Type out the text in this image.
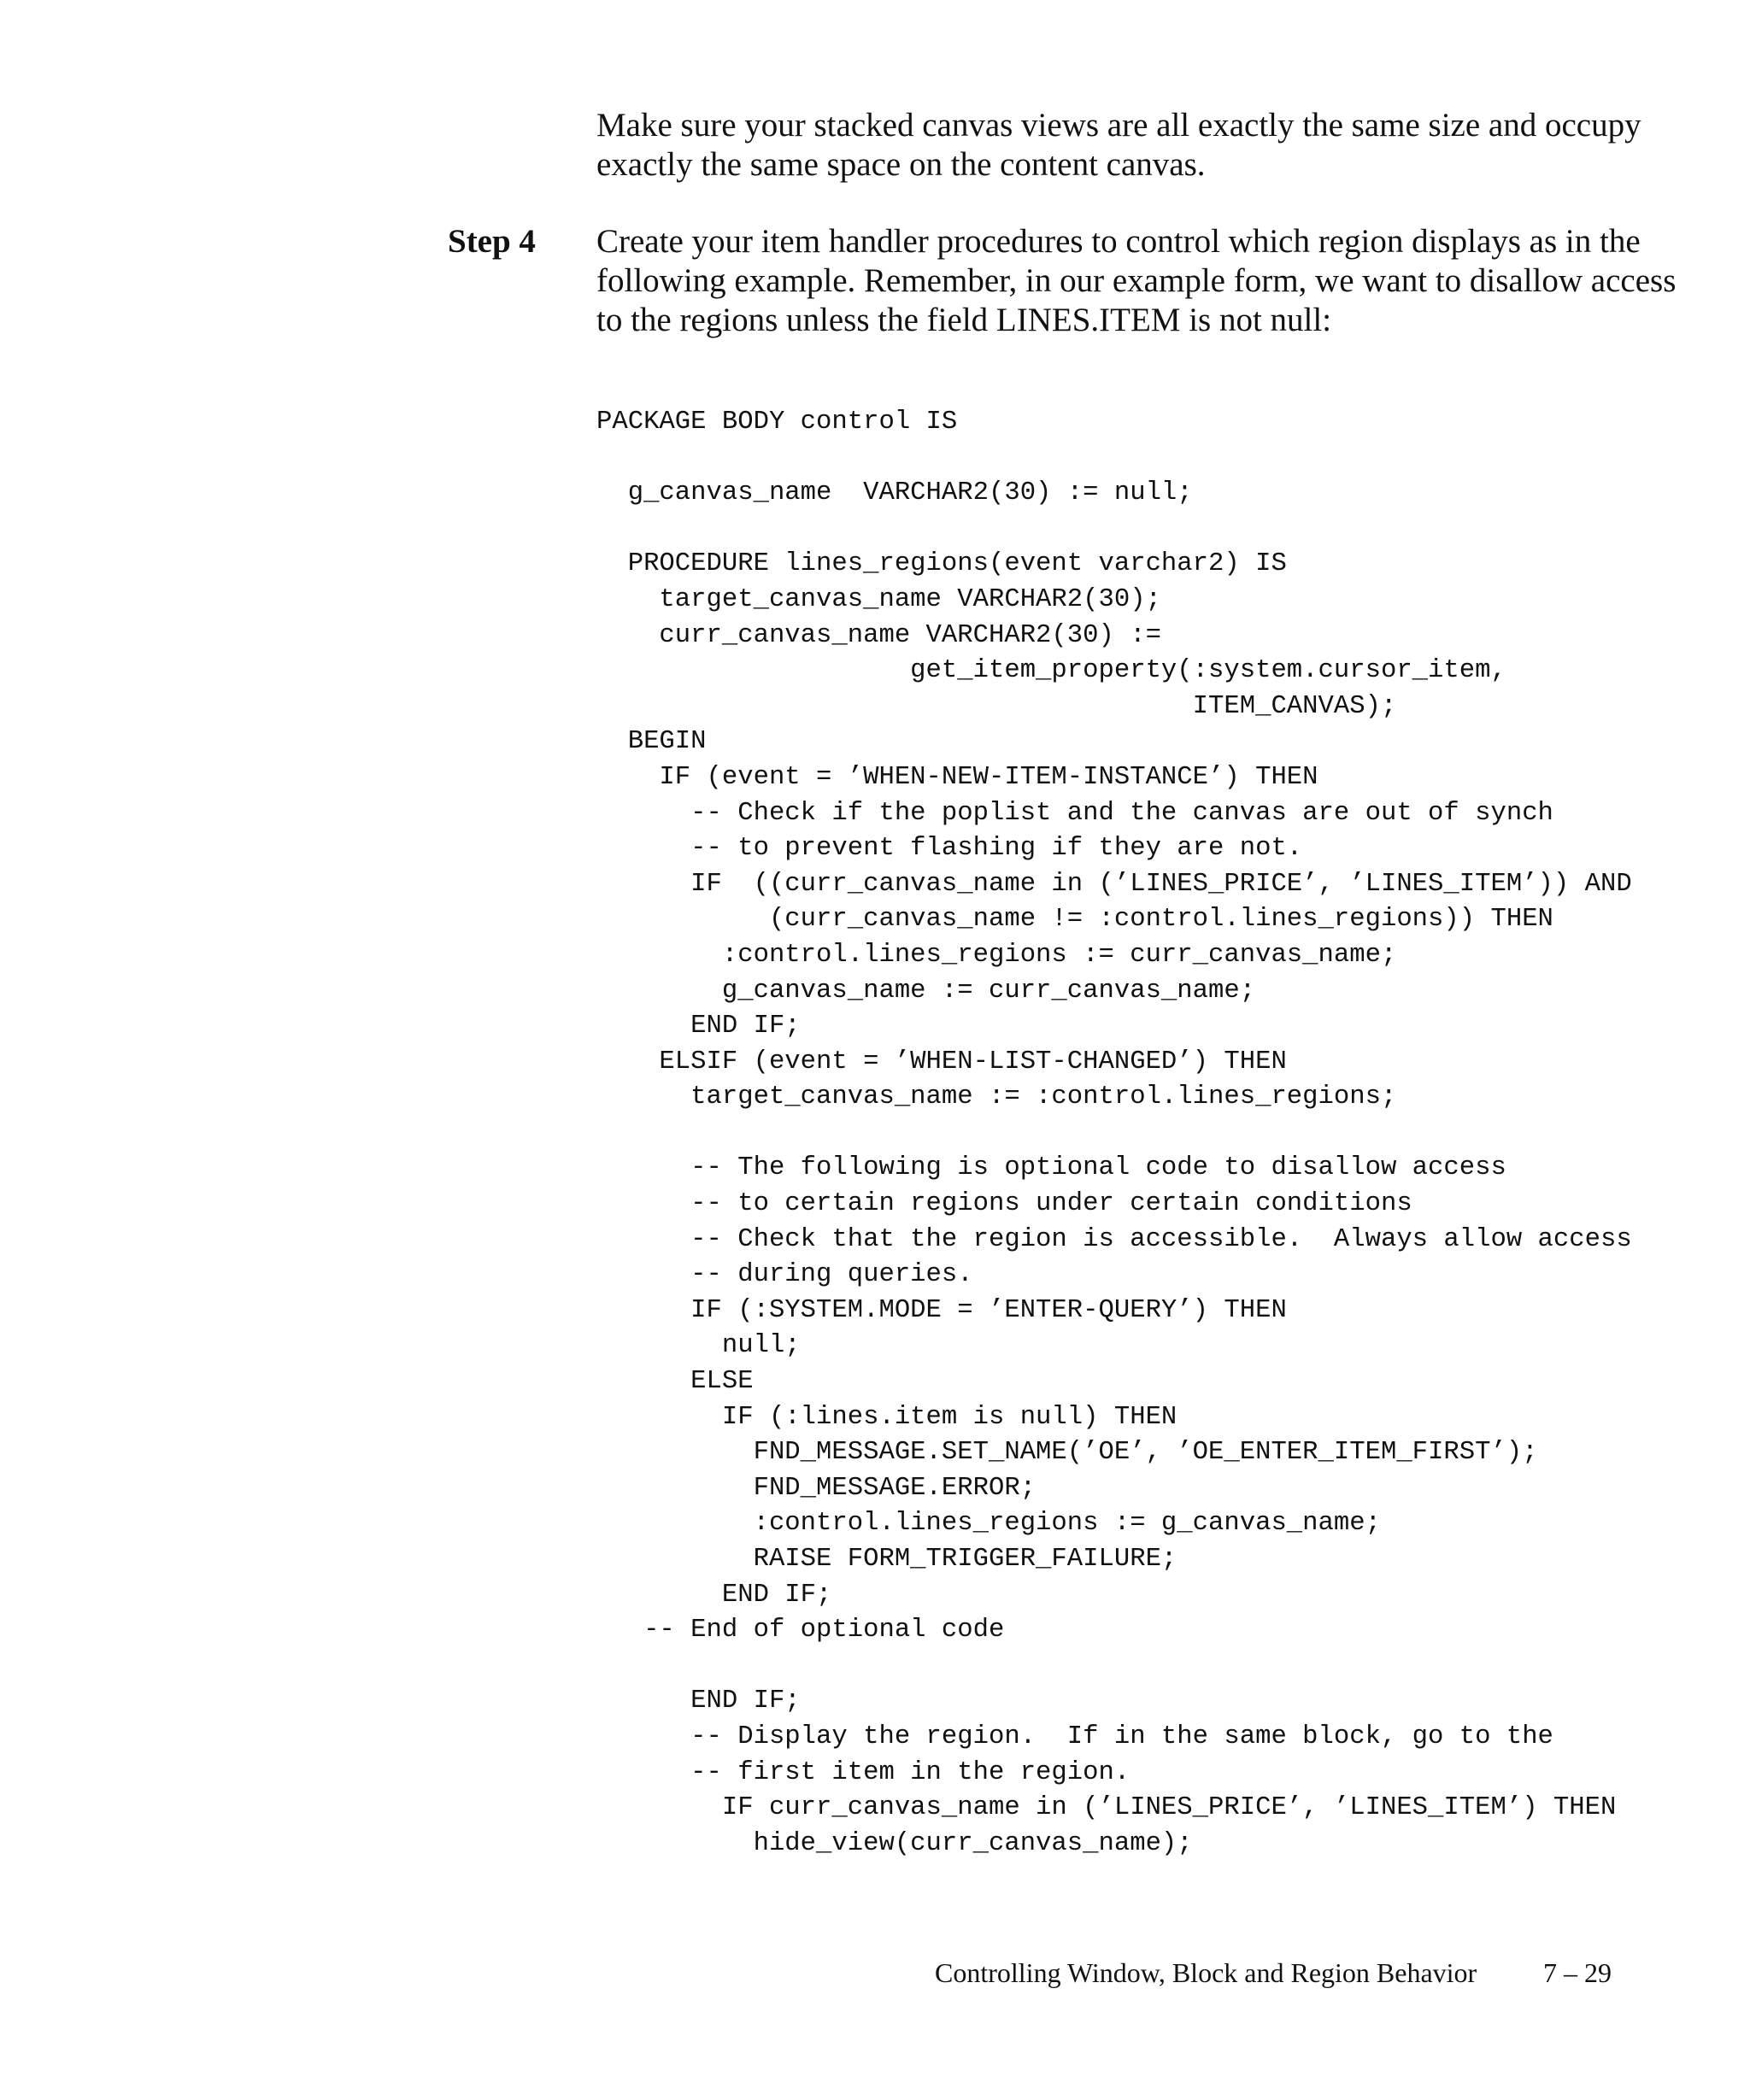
Make sure your stacked canvas views are all exactly the same size and occupy exactly the same space on the content canvas.
Step 4 Create your item handler procedures to control which region displays as in the following example. Remember, in our example form, we want to disallow access to the regions unless the field LINES.ITEM is not null:
PACKAGE BODY control IS
g_canvas_name  VARCHAR2(30) := null;
PROCEDURE lines_regions(event varchar2) IS
target_canvas_name VARCHAR2(30);
curr_canvas_name VARCHAR2(30) :=
get_item_property(:system.cursor_item,
ITEM_CANVAS);
BEGIN
IF (event = ’WHEN-NEW-ITEM-INSTANCE’) THEN
-- Check if the poplist and the canvas are out of synch
-- to prevent flashing if they are not.
IF  ((curr_canvas_name in (’LINES_PRICE’, ’LINES_ITEM’)) AND
(curr_canvas_name != :control.lines_regions)) THEN
:control.lines_regions := curr_canvas_name;
g_canvas_name := curr_canvas_name;
END IF;
ELSIF (event = ’WHEN-LIST-CHANGED’) THEN
target_canvas_name := :control.lines_regions;
-- The following is optional code to disallow access
-- to certain regions under certain conditions
-- Check that the region is accessible.  Always allow access
-- during queries.
IF (:SYSTEM.MODE = ’ENTER-QUERY’) THEN
null;
ELSE
IF (:lines.item is null) THEN
FND_MESSAGE.SET_NAME(’OE’, ’OE_ENTER_ITEM_FIRST’);
FND_MESSAGE.ERROR;
:control.lines_regions := g_canvas_name;
RAISE FORM_TRIGGER_FAILURE;
END IF;
-- End of optional code
END IF;
-- Display the region.  If in the same block, go to the
-- first item in the region.
IF curr_canvas_name in (’LINES_PRICE’, ’LINES_ITEM’) THEN
hide_view(curr_canvas_name);
Controlling Window, Block and Region Behavior 7 – 29
